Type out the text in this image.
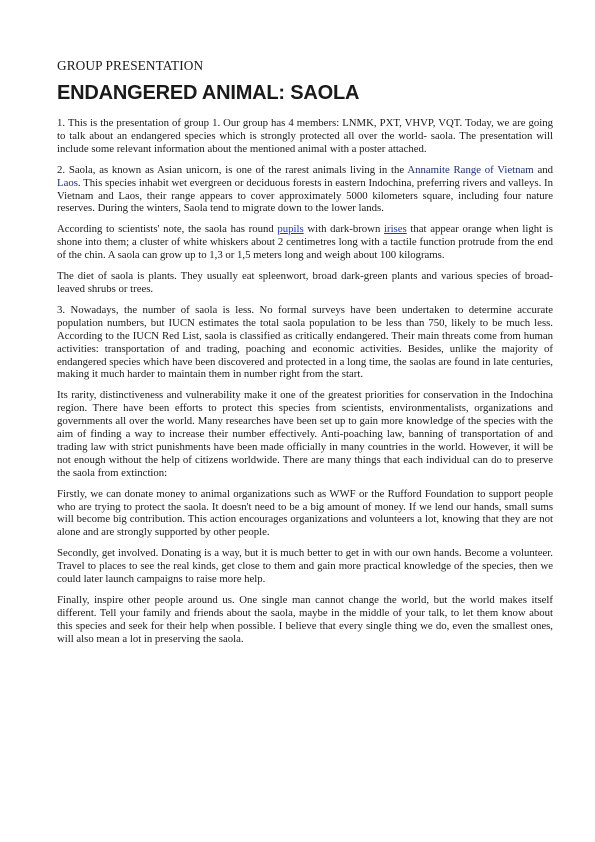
GROUP PRESENTATION
ENDANGERED ANIMAL: SAOLA

1. This is the presentation of group 1. Our group has 4 members: LNMK, PXT, VHVP, VQT. Today, we are going to talk about an endangered species which is strongly protected all over the world- saola. The presentation will include some relevant information about the mentioned animal with a poster attached.

2. Saola, as known as Asian unicorn, is one of the rarest animals living in the Annamite Range of Vietnam and Laos. This species inhabit wet evergreen or deciduous forests in eastern Indochina, preferring rivers and valleys. In Vietnam and Laos, their range appears to cover approximately 5000 kilometers square, including four nature reserves. During the winters, Saola tend to migrate down to the lower lands.

According to scientists' note, the saola has round pupils with dark-brown irises that appear orange when light is shone into them; a cluster of white whiskers about 2 centimetres long with a tactile function protrude from the end of the chin. A saola can grow up to 1,3 or 1,5 meters long and weigh about 100 kilograms.

The diet of saola is plants. They usually eat spleenwort, broad dark-green plants and various species of broad-leaved shrubs or trees.

3. Nowadays, the number of saola is less. No formal surveys have been undertaken to determine accurate population numbers, but IUCN estimates the total saola population to be less than 750, likely to be much less. According to the IUCN Red List, saola is classified as critically endangered. Their main threats come from human activities: transportation of and trading, poaching and economic activities. Besides, unlike the majority of endangered species which have been discovered and protected in a long time, the saolas are found in late centuries, making it much harder to maintain them in number right from the start.

Its rarity, distinctiveness and vulnerability make it one of the greatest priorities for conservation in the Indochina region. There have been efforts to protect this species from scientists, environmentalists, organizations and governments all over the world. Many researches have been set up to gain more knowledge of the species with the aim of finding a way to increase their number effectively. Anti-poaching law, banning of transportation of and trading law with strict punishments have been made officially in many countries in the world. However, it will be not enough without the help of citizens worldwide. There are many things that each individual can do to preserve the saola from extinction:

Firstly, we can donate money to animal organizations such as WWF or the Rufford Foundation to support people who are trying to protect the saola. It doesn't need to be a big amount of money. If we lend our hands, small sums will become big contribution. This action encourages organizations and volunteers a lot, knowing that they are not alone and are strongly supported by other people.

Secondly, get involved. Donating is a way, but it is much better to get in with our own hands. Become a volunteer. Travel to places to see the real kinds, get close to them and gain more practical knowledge of the species, then we could later launch campaigns to raise more help.

Finally, inspire other people around us. One single man cannot change the world, but the world makes itself different. Tell your family and friends about the saola, maybe in the middle of your talk, to let them know about this species and seek for their help when possible. I believe that every single thing we do, even the smallest ones, will also mean a lot in preserving the saola.
